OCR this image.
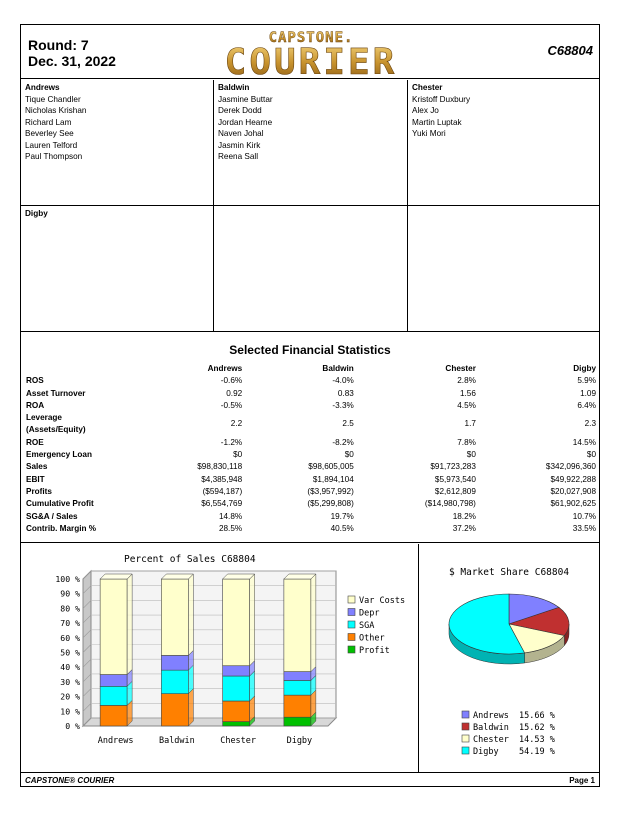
Round: 7
Dec. 31, 2022
CAPSTONE.
COURIER	C68804
Andrews
Tique Chandler
Nicholas Krishan
Richard Lam
Beverley See
Lauren Telford
Paul Thompson
Baldwin
Jasmine Buttar
Derek Dodd
Jordan Hearne
Naven Johal
Jasmin Kirk
Reena Sall
Chester
Kristoff Duxbury
Alex Jo
Martin Luptak
Yuki Mori
Digby
Selected Financial Statistics
	Andrews	Baldwin	Chester	Digby
ROS	-0.6%	-4.0%	2.8%	5.9%
Asset Turnover	0.92	0.83	1.56	1.09
ROA	-0.5%	-3.3%	4.5%	6.4%

Leverage
(Assets/Equity)	2.2	2.5	1.7	2.3
ROE	-1.2%	-8.2%	7.8%	14.5%
Emergency Loan	$0	$0	$0	$0
Sales	$98,830,118	$98,605,005	$91,723,283	$342,096,360
EBIT	$4,385,948	$1,894,104	$5,973,540	$49,922,288
Profits	($594,187)	($3,957,992)	$2,612,809	$20,027,908
Cumulative Profit	$6,554,769	($5,299,808)	($14,980,798)	$61,902,625
SG&A / Sales	14.8%	19.7%	18.2%	10.7%
Contrib. Margin %	28.5%	40.5%	37.2%	33.5%
Percent of Sales C68804
0 %
10 %
20 %
30 %
40 %
50 %
60 %
70 %
80 %
90 %
100 %
Andrews	Baldwin	Chester	Digby
Var Costs
Depr
SGA
Other
Profit
$ Market Share C68804
Andrews 15.66 %
Baldwin 15.62 %
Chester 14.53 %
Digby 54.19 %
CAPSTONE® COURIER	Page 1
